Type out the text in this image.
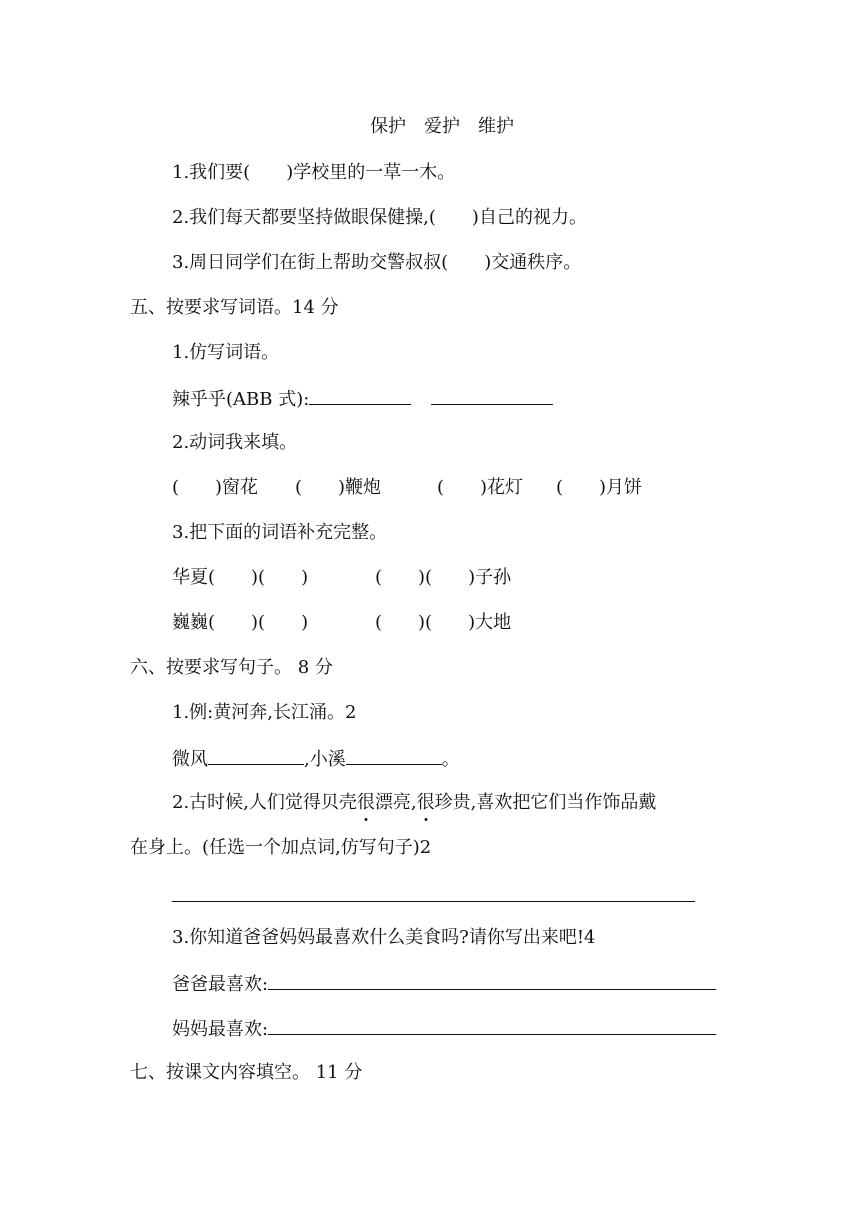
保护　爱护　维护
1.我们要(　　)学校里的一草一木。
2.我们每天都要坚持做眼保健操,(　　)自己的视力。
3.周日同学们在街上帮助交警叔叔(　　)交通秩序。
五、按要求写词语。14 分
1.仿写词语。
辣乎乎(ABB 式):
2.动词我来填。
(　　)窗花 (　　)鞭炮	(　　)花灯 (　　)月饼
3.把下面的词语补充完整。
华夏(　　)(　　)	(　　)(　　)子孙
巍巍(　　)(　　)	(　　)(　　)大地
六、按要求写句子。 8 分
1.例:黄河奔,长江涌。2
微风	,小溪	。
2.古时候,人们觉得贝壳很漂亮,很珍贵,喜欢把它们当作饰品戴
在身上。(任选一个加点词,仿写句子)2
3.你知道爸爸妈妈最喜欢什么美食吗?请你写出来吧!4
爸爸最喜欢:
妈妈最喜欢:
七、按课文内容填空。 11 分
